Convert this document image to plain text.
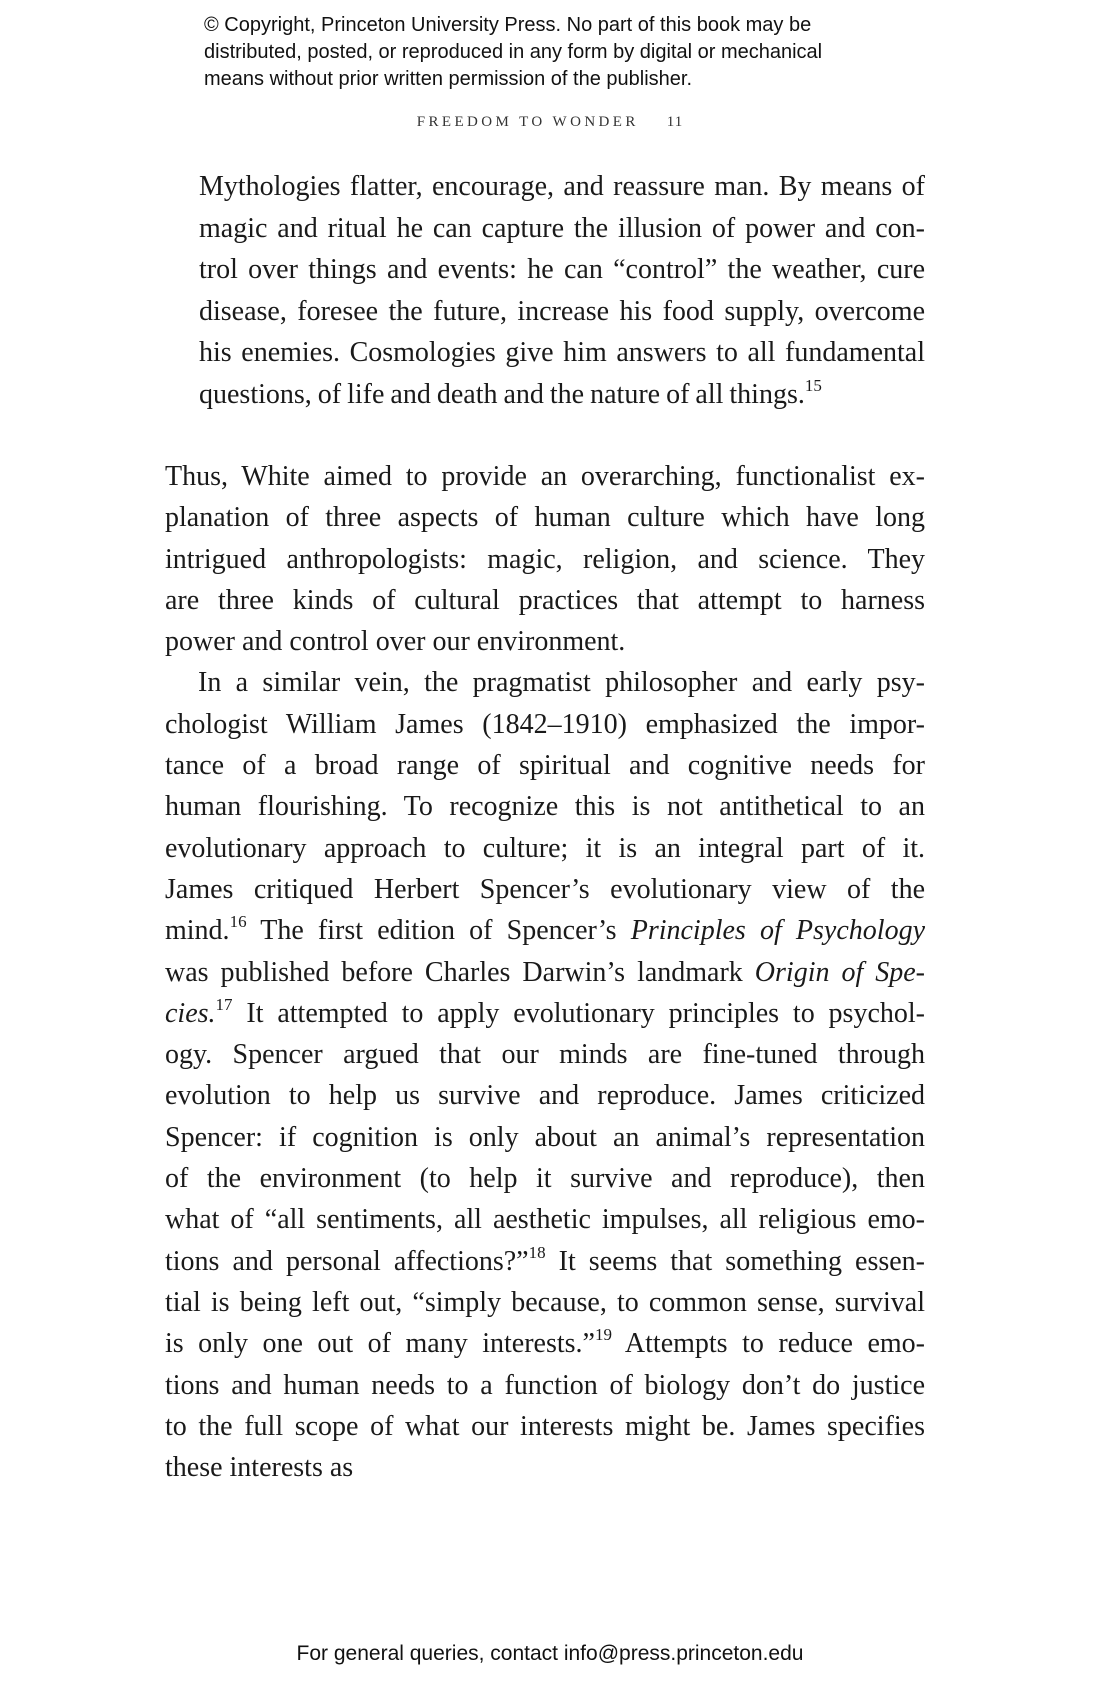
© Copyright, Princeton University Press. No part of this book may be
distributed, posted, or reproduced in any form by digital or mechanical
means without prior written permission of the publisher.
FREEDOM TO WONDER 11
Mythologies flatter, encourage, and reassure man. By means of
magic and ritual he can capture the illusion of power and con-
trol over things and events: he can “control” the weather, cure
disease, foresee the future, increase his food supply, overcome
his enemies. Cosmologies give him answers to all fundamental
questions, of life and death and the nature of all things.$^{15}$
Thus, White aimed to provide an overarching, functionalist ex-
planation of three aspects of human culture which have long
intrigued anthropologists: magic, religion, and science. They
are three kinds of cultural practices that attempt to harness
power and control over our environment.
In a similar vein, the pragmatist philosopher and early psy-
chologist William James (1842–1910) emphasized the impor-
tance of a broad range of spiritual and cognitive needs for
human flourishing. To recognize this is not antithetical to an
evolutionary approach to culture; it is an integral part of it.
James critiqued Herbert Spencer’s evolutionary view of the
mind.$^{16}$ The first edition of Spencer’s Principles of Psychology
was published before Charles Darwin’s landmark Origin of Spe-
cies.$^{17}$ It attempted to apply evolutionary principles to psychol-
ogy. Spencer argued that our minds are fine-tuned through
evolution to help us survive and reproduce. James criticized
Spencer: if cognition is only about an animal’s representation
of the environment (to help it survive and reproduce), then
what of “all sentiments, all aesthetic impulses, all religious emo-
tions and personal affections?”$^{18}$ It seems that something essen-
tial is being left out, “simply because, to common sense, survival
is only one out of many interests.”$^{19}$ Attempts to reduce emo-
tions and human needs to a function of biology don’t do justice
to the full scope of what our interests might be. James specifies
these interests as
For general queries, contact info@press.princeton.edu
